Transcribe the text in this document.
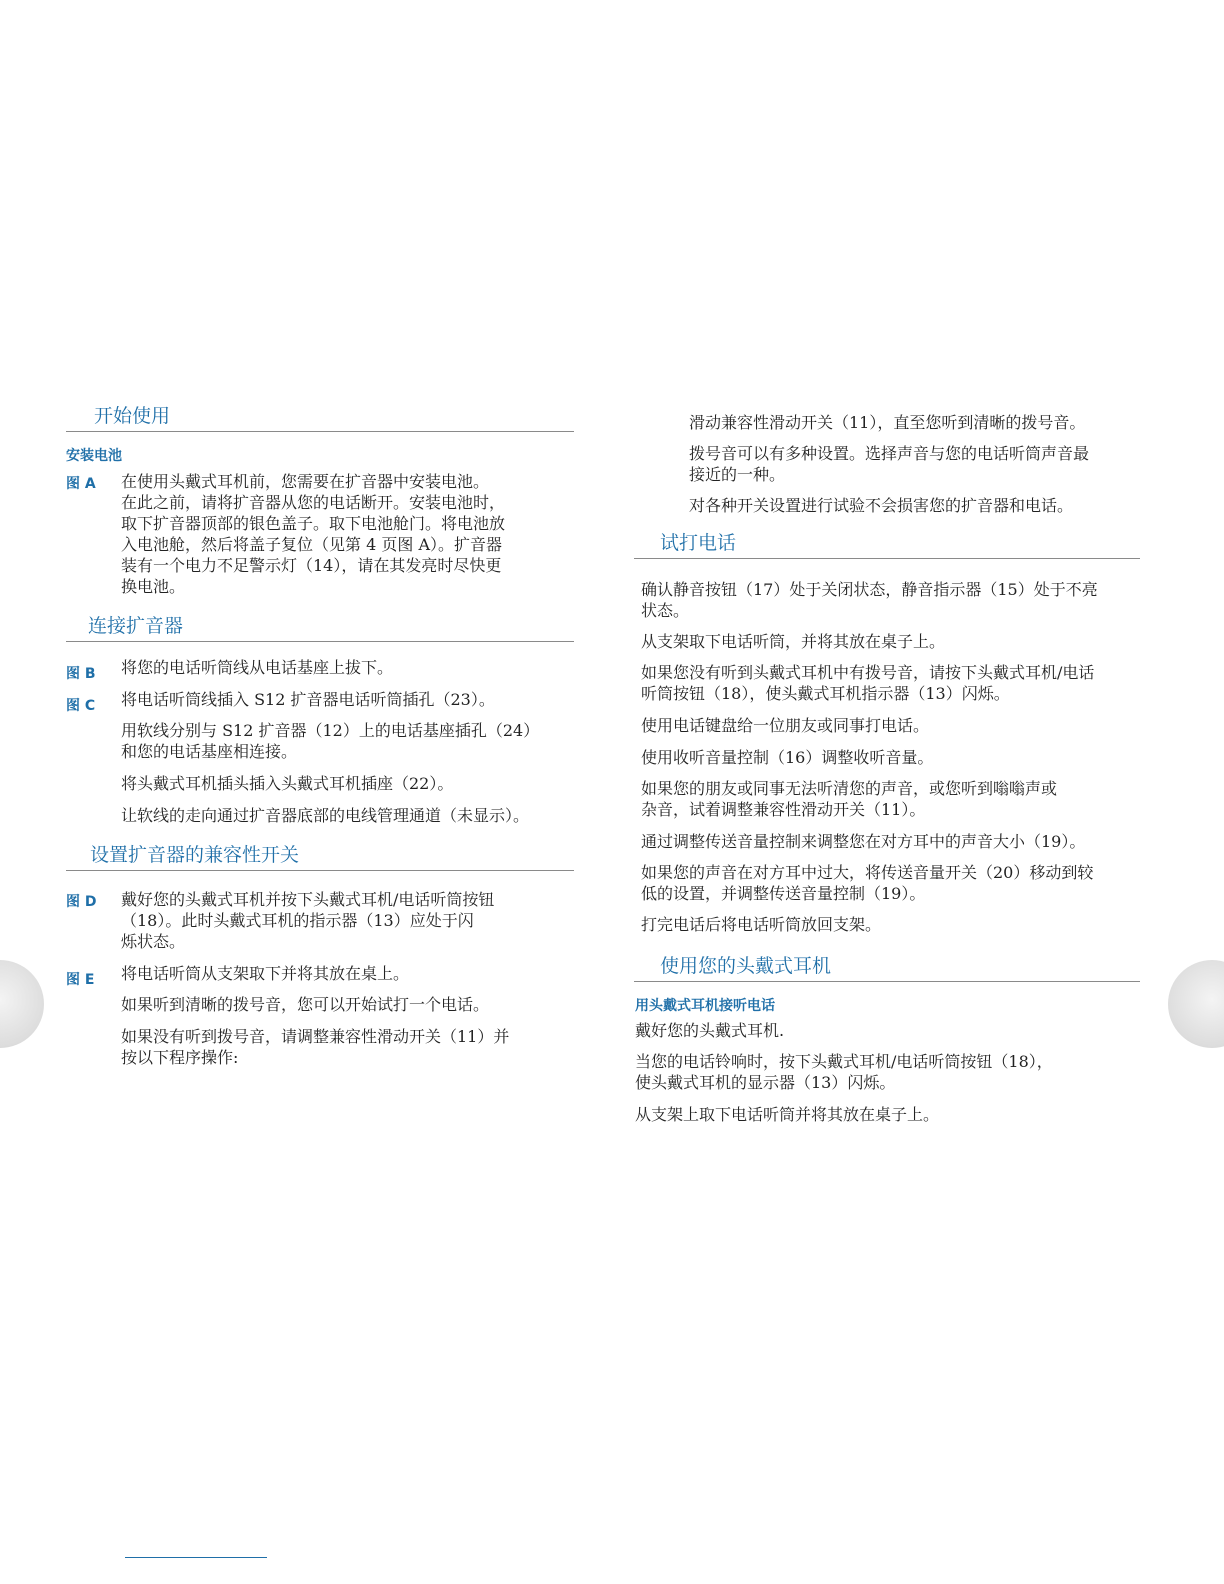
开始使用
安装电池
图 A 在使用头戴式耳机前，您需要在扩音器中安装电池。
在此之前，请将扩音器从您的电话断开。安装电池时，
取下扩音器顶部的银色盖子。取下电池舱门。将电池放
入电池舱，然后将盖子复位（见第 4 页图 A）。扩音器
装有一个电力不足警示灯（14），请在其发亮时尽快更
换电池。
连接扩音器
图 B 将您的电话听筒线从电话基座上拔下。
图 C 将电话听筒线插入 S12 扩音器电话听筒插孔（23）。
用软线分别与 S12 扩音器（12）上的电话基座插孔（24）
和您的电话基座相连接。
将头戴式耳机插头插入头戴式耳机插座（22）。
让软线的走向通过扩音器底部的电线管理通道（未显示）。
设置扩音器的兼容性开关
图 D 戴好您的头戴式耳机并按下头戴式耳机/电话听筒按钮
（18）。此时头戴式耳机的指示器（13）应处于闪
烁状态。
图 E 将电话听筒从支架取下并将其放在桌上。
如果听到清晰的拨号音，您可以开始试打一个电话。
如果没有听到拨号音，请调整兼容性滑动开关（11）并
按以下程序操作:
滑动兼容性滑动开关（11），直至您听到清晰的拨号音。
拨号音可以有多种设置。选择声音与您的电话听筒声音最
接近的一种。
对各种开关设置进行试验不会损害您的扩音器和电话。
试打电话
确认静音按钮（17）处于关闭状态，静音指示器（15）处于不亮
状态。
从支架取下电话听筒，并将其放在桌子上。
如果您没有听到头戴式耳机中有拨号音，请按下头戴式耳机/电话
听筒按钮（18），使头戴式耳机指示器（13）闪烁。
使用电话键盘给一位朋友或同事打电话。
使用收听音量控制（16）调整收听音量。
如果您的朋友或同事无法听清您的声音，或您听到嗡嗡声或
杂音，试着调整兼容性滑动开关（11）。
通过调整传送音量控制来调整您在对方耳中的声音大小（19）。
如果您的声音在对方耳中过大，将传送音量开关（20）移动到较
低的设置，并调整传送音量控制（19）。
打完电话后将电话听筒放回支架。
使用您的头戴式耳机
用头戴式耳机接听电话
戴好您的头戴式耳机.
当您的电话铃响时，按下头戴式耳机/电话听筒按钮（18），
使头戴式耳机的显示器（13）闪烁。
从支架上取下电话听筒并将其放在桌子上。
